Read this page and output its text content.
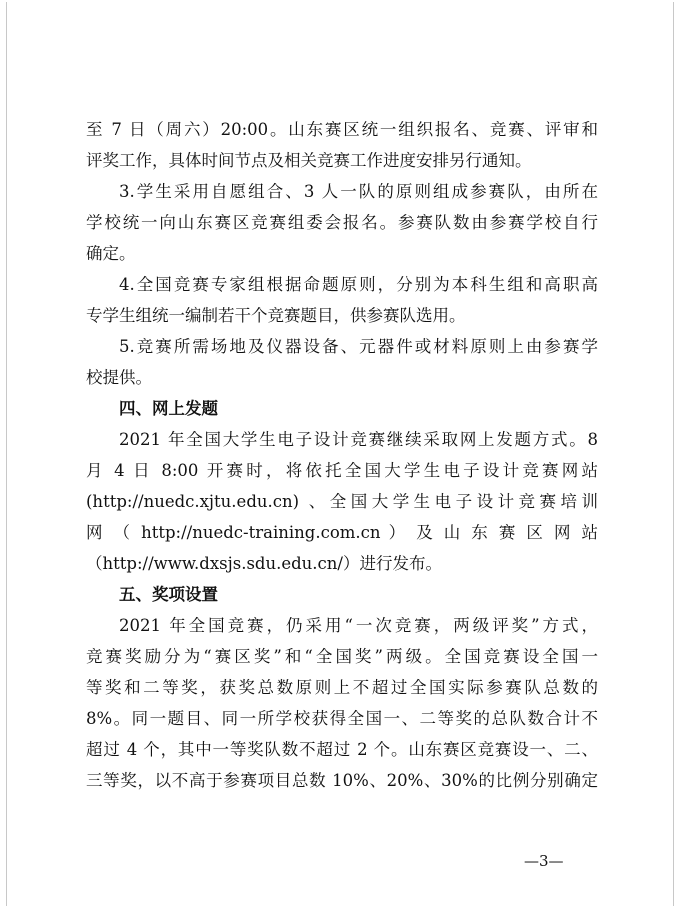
至 7 日（周六）20:00。山东赛区统一组织报名、竞赛、评审和
评奖工作，具体时间节点及相关竞赛工作进度安排另行通知。
3.学生采用自愿组合、3 人一队的原则组成参赛队，由所在
学校统一向山东赛区竞赛组委会报名。参赛队数由参赛学校自行
确定。
4.全国竞赛专家组根据命题原则，分别为本科生组和高职高
专学生组统一编制若干个竞赛题目，供参赛队选用。
5.竞赛所需场地及仪器设备、元器件或材料原则上由参赛学
校提供。
四、网上发题
2021 年全国大学生电子设计竞赛继续采取网上发题方式。8
月 4 日 8:00 开赛时，将依托全国大学生电子设计竞赛网站
(http://nuedc.xjtu.edu.cn) 、全国大学生电子设计竞赛培训
网 （ http://nuedc-training.com.cn ） 及 山 东 赛 区 网 站
（http://www.dxsjs.sdu.edu.cn/）进行发布。
五、奖项设置
2021 年全国竞赛，仍采用“一次竞赛，两级评奖”方式，
竞赛奖励分为“赛区奖”和“全国奖”两级。全国竞赛设全国一
等奖和二等奖，获奖总数原则上不超过全国实际参赛队总数的
8%。同一题目、同一所学校获得全国一、二等奖的总队数合计不
超过 4 个，其中一等奖队数不超过 2 个。山东赛区竞赛设一、二、
三等奖，以不高于参赛项目总数 10%、20%、30%的比例分别确定
—3—
